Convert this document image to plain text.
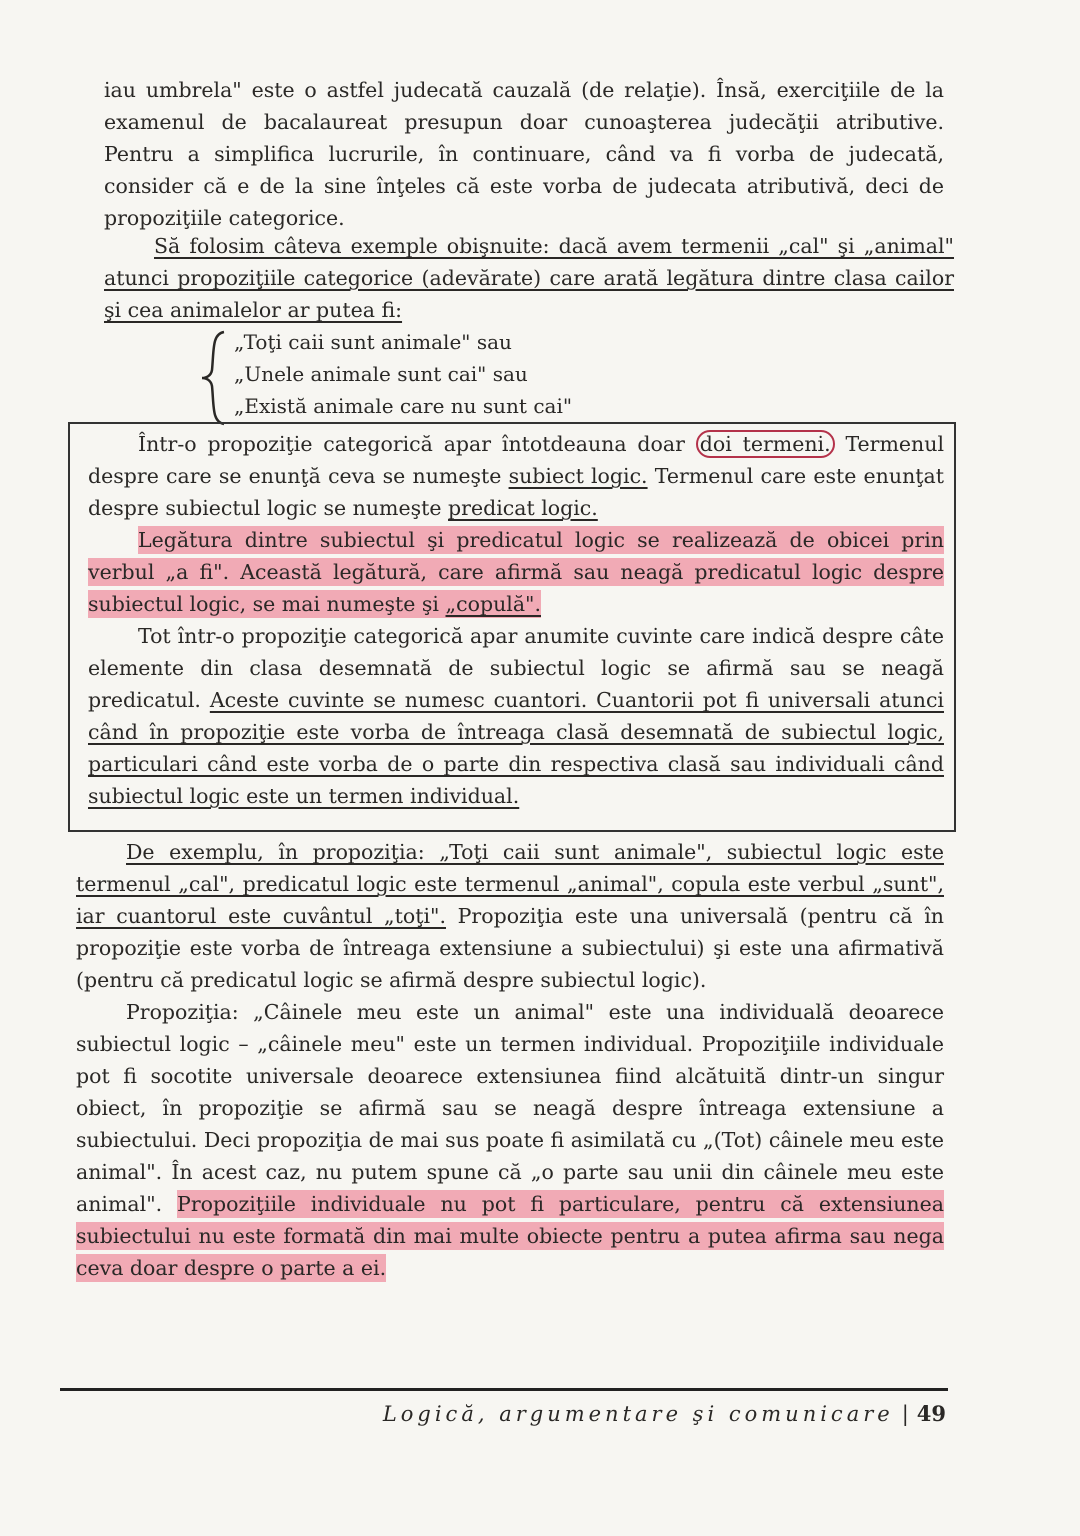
iau umbrela" este o astfel judecată cauzală (de relaţie). Însă, exerciţiile de la examenul de bacalaureat presupun doar cunoaşterea judecăţii atributive. Pentru a simplifica lucrurile, în continuare, când va fi vorba de judecată, consider că e de la sine înţeles că este vorba de judecata atributivă, deci de propoziţiile categorice.

Să folosim câteva exemple obişnuite: dacă avem termenii „cal" şi „animal" atunci propoziţiile categorice (adevărate) care arată legătura dintre clasa cailor şi cea animalelor ar putea fi:

„Toţi caii sunt animale" sau
„Unele animale sunt cai" sau
„Există animale care nu sunt cai"

Într-o propoziţie categorică apar întotdeauna doar doi termeni. Termenul despre care se enunţă ceva se numeşte subiect logic. Termenul care este enunţat despre subiectul logic se numeşte predicat logic.

Legătura dintre subiectul şi predicatul logic se realizează de obicei prin verbul „a fi". Această legătură, care afirmă sau neagă predicatul logic despre subiectul logic, se mai numeşte şi „copulă".

Tot într-o propoziţie categorică apar anumite cuvinte care indică despre câte elemente din clasa desemnată de subiectul logic se afirmă sau se neagă predicatul. Aceste cuvinte se numesc cuantori. Cuantorii pot fi universali atunci când în propoziţie este vorba de întreaga clasă desemnată de subiectul logic, particulari când este vorba de o parte din respectiva clasă sau individuali când subiectul logic este un termen individual.

De exemplu, în propoziţia: „Toţi caii sunt animale", subiectul logic este termenul „cal", predicatul logic este termenul „animal", copula este verbul „sunt", iar cuantorul este cuvântul „toţi". Propoziţia este una universală (pentru că în propoziţie este vorba de întreaga extensiune a subiectului) şi este una afirmativă (pentru că predicatul logic se afirmă despre subiectul logic).

Propoziţia: „Câinele meu este un animal" este una individuală deoarece subiectul logic – „câinele meu" este un termen individual. Propoziţiile individuale pot fi socotite universale deoarece extensiunea fiind alcătuită dintr-un singur obiect, în propoziţie se afirmă sau se neagă despre întreaga extensiune a subiectului. Deci propoziţia de mai sus poate fi asimilată cu „(Tot) câinele meu este animal". În acest caz, nu putem spune că „o parte sau unii din câinele meu este animal". Propoziţiile individuale nu pot fi particulare, pentru că extensiunea subiectului nu este formată din mai multe obiecte pentru a putea afirma sau nega ceva doar despre o parte a ei.

Logică, argumentare şi comunicare | 49
